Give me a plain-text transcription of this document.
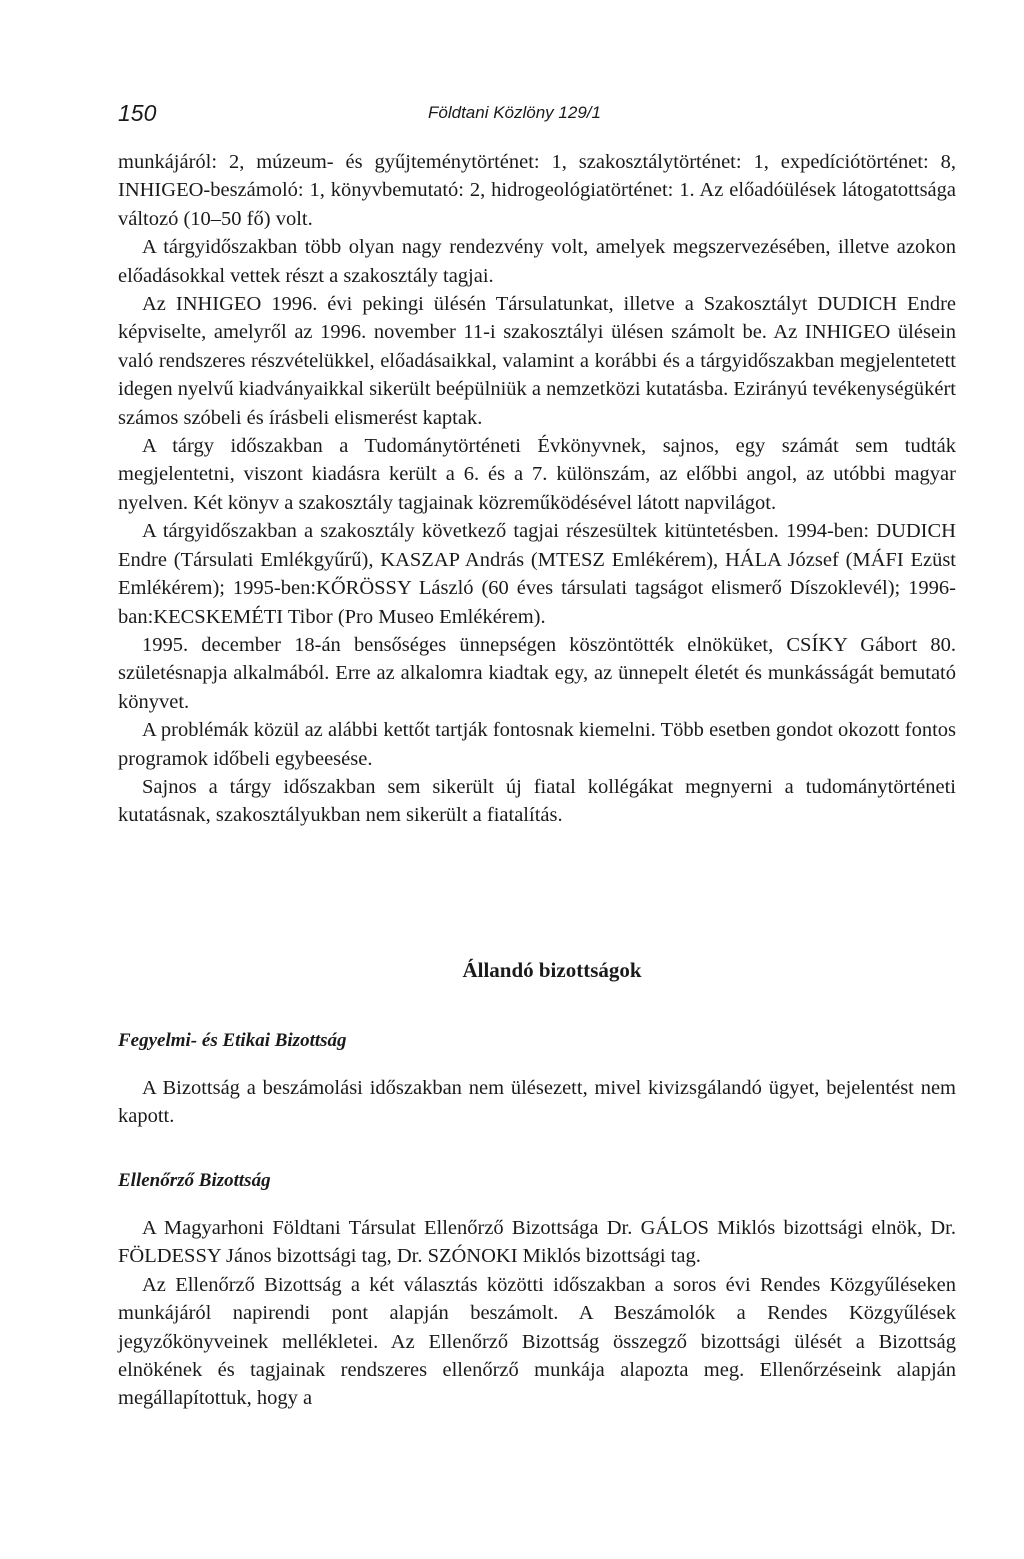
150	Földtani Közlöny 129/1

munkájáról: 2, múzeum- és gyűjteménytörténet: 1, szakosztálytörténet: 1, expedíciótörténet: 8, INHIGEO-beszámoló: 1, könyvbemutató: 2, hidrogeológiatörténet: 1. Az előadóülések látogatottsága változó (10–50 fő) volt.

A tárgyidőszakban több olyan nagy rendezvény volt, amelyek megszervezésében, illetve azokon előadásokkal vettek részt a szakosztály tagjai.

Az INHIGEO 1996. évi pekingi ülésén Társulatunkat, illetve a Szakosztályt DUDICH Endre képviselte, amelyről az 1996. november 11-i szakosztályi ülésen számolt be. Az INHIGEO ülésein való rendszeres részvételükkel, előadásaikkal, valamint a korábbi és a tárgyidőszakban megjelentetett idegen nyelvű kiadványaikkal sikerült beépülniük a nemzetközi kutatásba. Ezirányú tevékenységükért számos szóbeli és írásbeli elismerést kaptak.

A tárgy időszakban a Tudománytörténeti Évkönyvnek, sajnos, egy számát sem tudták megjelentetni, viszont kiadásra került a 6. és a 7. különszám, az előbbi angol, az utóbbi magyar nyelven. Két könyv a szakosztály tagjainak közreműködésével látott napvilágot.

A tárgyidőszakban a szakosztály következő tagjai részesültek kitüntetésben. 1994-ben: DUDICH Endre (Társulati Emlékgyűrű), KASZAP András (MTESZ Emlékérem), HÁLA József (MÁFI Ezüst Emlékérem); 1995-ben:KŐRÖSSY László (60 éves társulati tagságot elismerő Díszoklevél); 1996-ban:KECSKEMÉTI Tibor (Pro Museo Emlékérem).

1995. december 18-án bensőséges ünnepségen köszöntötték elnöküket, CSÍKY Gábort 80. születésnapja alkalmából. Erre az alkalomra kiadtak egy, az ünnepelt életét és munkásságát bemutató könyvet.

A problémák közül az alábbi kettőt tartják fontosnak kiemelni. Több esetben gondot okozott fontos programok időbeli egybeesése.

Sajnos a tárgy időszakban sem sikerült új fiatal kollégákat megnyerni a tudománytörténeti kutatásnak, szakosztályukban nem sikerült a fiatalítás.

Állandó bizottságok
Fegyelmi- és Etikai Bizottság

A Bizottság a beszámolási időszakban nem ülésezett, mivel kivizsgálandó ügyet, bejelentést nem kapott.

Ellenőrző Bizottság

A Magyarhoni Földtani Társulat Ellenőrző Bizottsága Dr. GÁLOS Miklós bizottsági elnök, Dr. FÖLDESSY János bizottsági tag, Dr. SZÓNOKI Miklós bizottsági tag.

Az Ellenőrző Bizottság a két választás közötti időszakban a soros évi Rendes Közgyűléseken munkájáról napirendi pont alapján beszámolt. A Beszámolók a Rendes Közgyűlések jegyzőkönyveinek mellékletei. Az Ellenőrző Bizottság összegző bizottsági ülését a Bizottság elnökének és tagjainak rendszeres ellenőrző munkája alapozta meg. Ellenőrzéseink alapján megállapítottuk, hogy a
